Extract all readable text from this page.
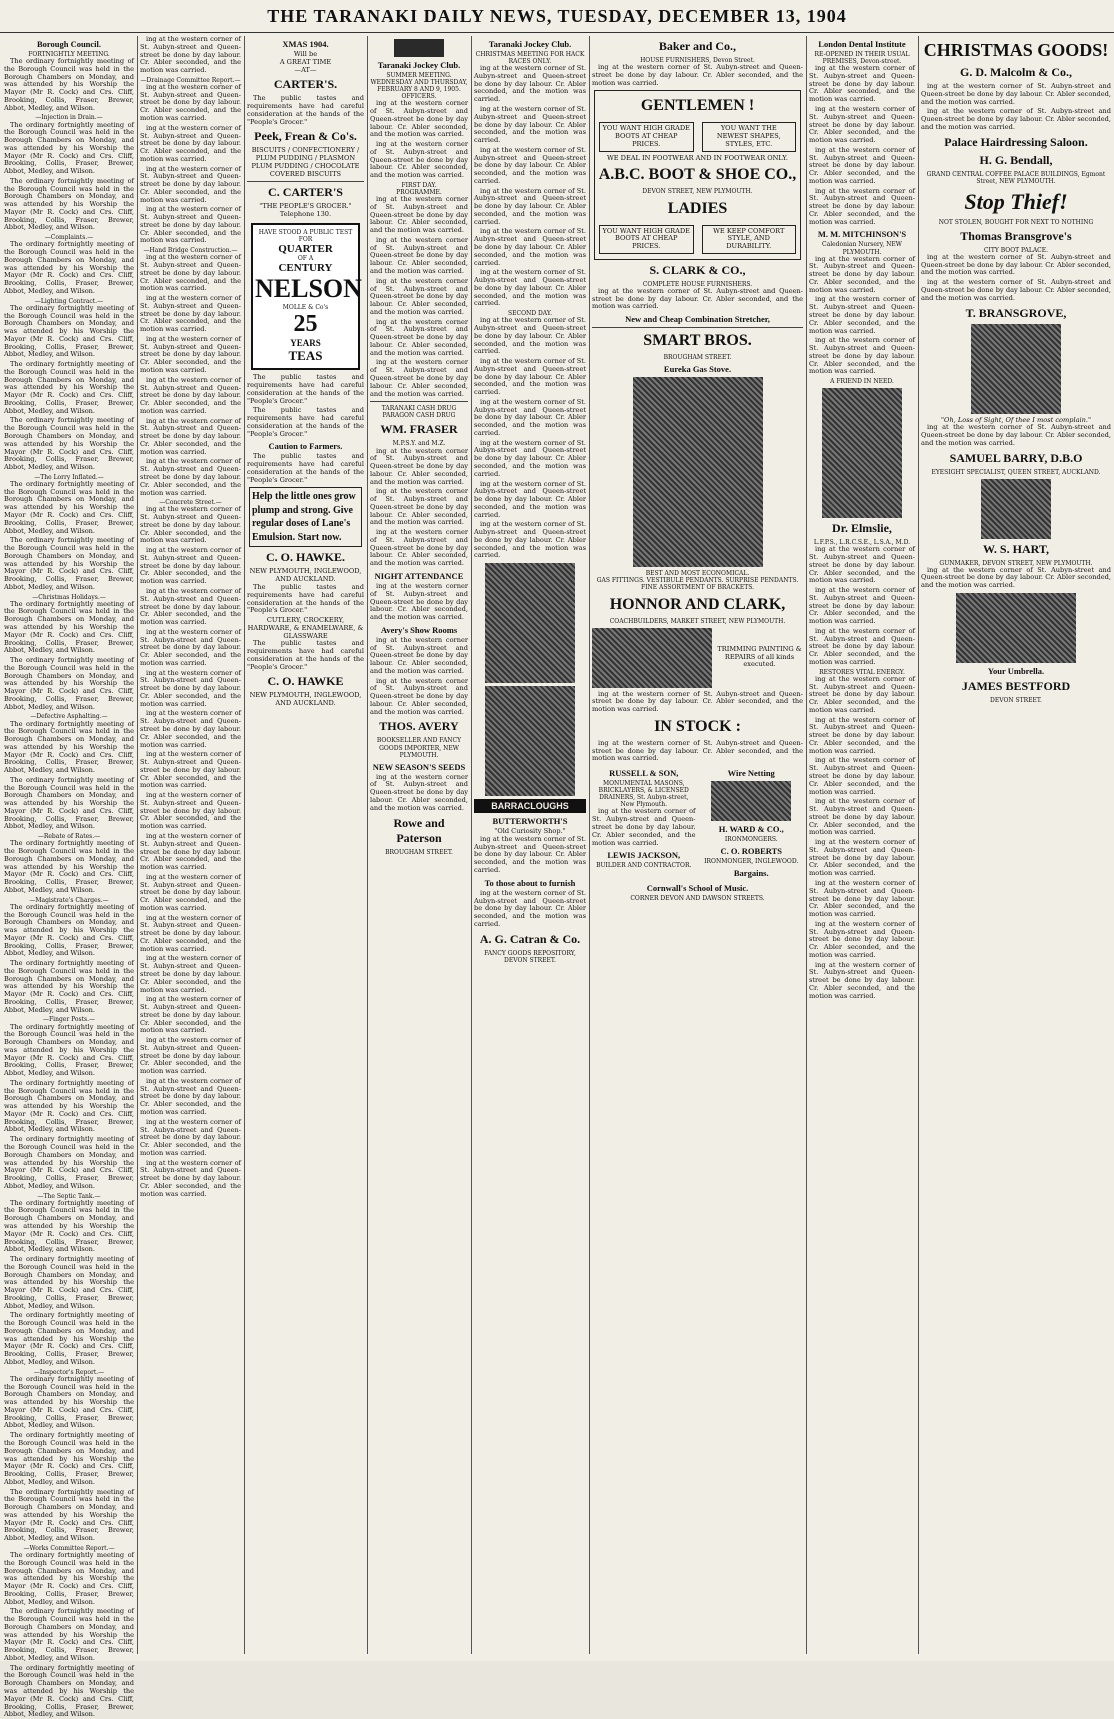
THE TARANAKI DAILY NEWS, TUESDAY, DECEMBER 13, 1904
Borough Council.
FORTNIGHTLY MEETING.

The ordinary fortnightly meeting of the Borough Council was held in the Borough Chambers on Monday, and was attended by his Worship the Mayor (Mr R. Cock) and Crs. Cliff, Brooking, Collis, Fraser, Brewer, Abbot, Medley, and Wilson.

—Injection in Drain.—

The ordinary fortnightly meeting of the Borough Council was held in the Borough Chambers on Monday, and was attended by his Worship the Mayor (Mr R. Cock) and Crs. Cliff, Brooking, Collis, Fraser, Brewer, Abbot, Medley, and Wilson.

The ordinary fortnightly meeting of the Borough Council was held in the Borough Chambers on Monday, and was attended by his Worship the Mayor (Mr R. Cock) and Crs. Cliff, Brooking, Collis, Fraser, Brewer, Abbot, Medley, and Wilson.

—Complaints.—

The ordinary fortnightly meeting of the Borough Council was held in the Borough Chambers on Monday, and was attended by his Worship the Mayor (Mr R. Cock) and Crs. Cliff, Brooking, Collis, Fraser, Brewer, Abbot, Medley, and Wilson.

—Lighting Contract.—

The ordinary fortnightly meeting of the Borough Council was held in the Borough Chambers on Monday, and was attended by his Worship the Mayor (Mr R. Cock) and Crs. Cliff, Brooking, Collis, Fraser, Brewer, Abbot, Medley, and Wilson.

The ordinary fortnightly meeting of the Borough Council was held in the Borough Chambers on Monday, and was attended by his Worship the Mayor (Mr R. Cock) and Crs. Cliff, Brooking, Collis, Fraser, Brewer, Abbot, Medley, and Wilson.

The ordinary fortnightly meeting of the Borough Council was held in the Borough Chambers on Monday, and was attended by his Worship the Mayor (Mr R. Cock) and Crs. Cliff, Brooking, Collis, Fraser, Brewer, Abbot, Medley, and Wilson.

—The Lorry Inflated.—

The ordinary fortnightly meeting of the Borough Council was held in the Borough Chambers on Monday, and was attended by his Worship the Mayor (Mr R. Cock) and Crs. Cliff, Brooking, Collis, Fraser, Brewer, Abbot, Medley, and Wilson.

The ordinary fortnightly meeting of the Borough Council was held in the Borough Chambers on Monday, and was attended by his Worship the Mayor (Mr R. Cock) and Crs. Cliff, Brooking, Collis, Fraser, Brewer, Abbot, Medley, and Wilson.

—Christmas Holidays.—

The ordinary fortnightly meeting of the Borough Council was held in the Borough Chambers on Monday, and was attended by his Worship the Mayor (Mr R. Cock) and Crs. Cliff, Brooking, Collis, Fraser, Brewer, Abbot, Medley, and Wilson.

The ordinary fortnightly meeting of the Borough Council was held in the Borough Chambers on Monday, and was attended by his Worship the Mayor (Mr R. Cock) and Crs. Cliff, Brooking, Collis, Fraser, Brewer, Abbot, Medley, and Wilson.

—Defective Asphalting.—

The ordinary fortnightly meeting of the Borough Council was held in the Borough Chambers on Monday, and was attended by his Worship the Mayor (Mr R. Cock) and Crs. Cliff, Brooking, Collis, Fraser, Brewer, Abbot, Medley, and Wilson.

The ordinary fortnightly meeting of the Borough Council was held in the Borough Chambers on Monday, and was attended by his Worship the Mayor (Mr R. Cock) and Crs. Cliff, Brooking, Collis, Fraser, Brewer, Abbot, Medley, and Wilson.

—Rebate of Rates.—

The ordinary fortnightly meeting of the Borough Council was held in the Borough Chambers on Monday, and was attended by his Worship the Mayor (Mr R. Cock) and Crs. Cliff, Brooking, Collis, Fraser, Brewer, Abbot, Medley, and Wilson.

—Magistrate's Charges.—

The ordinary fortnightly meeting of the Borough Council was held in the Borough Chambers on Monday, and was attended by his Worship the Mayor (Mr R. Cock) and Crs. Cliff, Brooking, Collis, Fraser, Brewer, Abbot, Medley, and Wilson.

The ordinary fortnightly meeting of the Borough Council was held in the Borough Chambers on Monday, and was attended by his Worship the Mayor (Mr R. Cock) and Crs. Cliff, Brooking, Collis, Fraser, Brewer, Abbot, Medley, and Wilson.

—Finger Posts.—

The ordinary fortnightly meeting of the Borough Council was held in the Borough Chambers on Monday, and was attended by his Worship the Mayor (Mr R. Cock) and Crs. Cliff, Brooking, Collis, Fraser, Brewer, Abbot, Medley, and Wilson.

The ordinary fortnightly meeting of the Borough Council was held in the Borough Chambers on Monday, and was attended by his Worship the Mayor (Mr R. Cock) and Crs. Cliff, Brooking, Collis, Fraser, Brewer, Abbot, Medley, and Wilson.

The ordinary fortnightly meeting of the Borough Council was held in the Borough Chambers on Monday, and was attended by his Worship the Mayor (Mr R. Cock) and Crs. Cliff, Brooking, Collis, Fraser, Brewer, Abbot, Medley, and Wilson.

—The Septic Tank.—

The ordinary fortnightly meeting of the Borough Council was held in the Borough Chambers on Monday, and was attended by his Worship the Mayor (Mr R. Cock) and Crs. Cliff, Brooking, Collis, Fraser, Brewer, Abbot, Medley, and Wilson.

The ordinary fortnightly meeting of the Borough Council was held in the Borough Chambers on Monday, and was attended by his Worship the Mayor (Mr R. Cock) and Crs. Cliff, Brooking, Collis, Fraser, Brewer, Abbot, Medley, and Wilson.

The ordinary fortnightly meeting of the Borough Council was held in the Borough Chambers on Monday, and was attended by his Worship the Mayor (Mr R. Cock) and Crs. Cliff, Brooking, Collis, Fraser, Brewer, Abbot, Medley, and Wilson.

—Inspector's Report.—

The ordinary fortnightly meeting of the Borough Council was held in the Borough Chambers on Monday, and was attended by his Worship the Mayor (Mr R. Cock) and Crs. Cliff, Brooking, Collis, Fraser, Brewer, Abbot, Medley, and Wilson.

The ordinary fortnightly meeting of the Borough Council was held in the Borough Chambers on Monday, and was attended by his Worship the Mayor (Mr R. Cock) and Crs. Cliff, Brooking, Collis, Fraser, Brewer, Abbot, Medley, and Wilson.

The ordinary fortnightly meeting of the Borough Council was held in the Borough Chambers on Monday, and was attended by his Worship the Mayor (Mr R. Cock) and Crs. Cliff, Brooking, Collis, Fraser, Brewer, Abbot, Medley, and Wilson.

—Works Committee Report.—

The ordinary fortnightly meeting of the Borough Council was held in the Borough Chambers on Monday, and was attended by his Worship the Mayor (Mr R. Cock) and Crs. Cliff, Brooking, Collis, Fraser, Brewer, Abbot, Medley, and Wilson.

The ordinary fortnightly meeting of the Borough Council was held in the Borough Chambers on Monday, and was attended by his Worship the Mayor (Mr R. Cock) and Crs. Cliff, Brooking, Collis, Fraser, Brewer, Abbot, Medley, and Wilson.

The ordinary fortnightly meeting of the Borough Council was held in the Borough Chambers on Monday, and was attended by his Worship the Mayor (Mr R. Cock) and Crs. Cliff, Brooking, Collis, Fraser, Brewer, Abbot, Medley, and Wilson.

ing at the western corner of St. Aubyn-street and Queen-street be done by day labour. Cr. Abler seconded, and the motion was carried.

—Drainage Committee Report.—

ing at the western corner of St. Aubyn-street and Queen-street be done by day labour. Cr. Abler seconded, and the motion was carried.

ing at the western corner of St. Aubyn-street and Queen-street be done by day labour. Cr. Abler seconded, and the motion was carried.

ing at the western corner of St. Aubyn-street and Queen-street be done by day labour. Cr. Abler seconded, and the motion was carried.

ing at the western corner of St. Aubyn-street and Queen-street be done by day labour. Cr. Abler seconded, and the motion was carried.

—Hand Bridge Construction.—

ing at the western corner of St. Aubyn-street and Queen-street be done by day labour. Cr. Abler seconded, and the motion was carried.

ing at the western corner of St. Aubyn-street and Queen-street be done by day labour. Cr. Abler seconded, and the motion was carried.

ing at the western corner of St. Aubyn-street and Queen-street be done by day labour. Cr. Abler seconded, and the motion was carried.

ing at the western corner of St. Aubyn-street and Queen-street be done by day labour. Cr. Abler seconded, and the motion was carried.

ing at the western corner of St. Aubyn-street and Queen-street be done by day labour. Cr. Abler seconded, and the motion was carried.

ing at the western corner of St. Aubyn-street and Queen-street be done by day labour. Cr. Abler seconded, and the motion was carried.

—Concrete Street.—

ing at the western corner of St. Aubyn-street and Queen-street be done by day labour. Cr. Abler seconded, and the motion was carried.

ing at the western corner of St. Aubyn-street and Queen-street be done by day labour. Cr. Abler seconded, and the motion was carried.

ing at the western corner of St. Aubyn-street and Queen-street be done by day labour. Cr. Abler seconded, and the motion was carried.

ing at the western corner of St. Aubyn-street and Queen-street be done by day labour. Cr. Abler seconded, and the motion was carried.

ing at the western corner of St. Aubyn-street and Queen-street be done by day labour. Cr. Abler seconded, and the motion was carried.

ing at the western corner of St. Aubyn-street and Queen-street be done by day labour. Cr. Abler seconded, and the motion was carried.

ing at the western corner of St. Aubyn-street and Queen-street be done by day labour. Cr. Abler seconded, and the motion was carried.

ing at the western corner of St. Aubyn-street and Queen-street be done by day labour. Cr. Abler seconded, and the motion was carried.

ing at the western corner of St. Aubyn-street and Queen-street be done by day labour. Cr. Abler seconded, and the motion was carried.

ing at the western corner of St. Aubyn-street and Queen-street be done by day labour. Cr. Abler seconded, and the motion was carried.

ing at the western corner of St. Aubyn-street and Queen-street be done by day labour. Cr. Abler seconded, and the motion was carried.

ing at the western corner of St. Aubyn-street and Queen-street be done by day labour. Cr. Abler seconded, and the motion was carried.

ing at the western corner of St. Aubyn-street and Queen-street be done by day labour. Cr. Abler seconded, and the motion was carried.

ing at the western corner of St. Aubyn-street and Queen-street be done by day labour. Cr. Abler seconded, and the motion was carried.

ing at the western corner of St. Aubyn-street and Queen-street be done by day labour. Cr. Abler seconded, and the motion was carried.

ing at the western corner of St. Aubyn-street and Queen-street be done by day labour. Cr. Abler seconded, and the motion was carried.

ing at the western corner of St. Aubyn-street and Queen-street be done by day labour. Cr. Abler seconded, and the motion was carried.

XMAS 1904.
Will be
A GREAT TIME
—AT—
CARTER'S.

The public tastes and requirements have had careful consideration at the hands of the "People's Grocer."

Peek, Frean & Co's.
BISCUITS / CONFECTIONERY / PLUM PUDDING / PLASMON PLUM PUDDING / CHOCOLATE COVERED BISCUITS
C. CARTER'S
"THE PEOPLE'S GROCER."
Telephone 130.
HAVE STOOD A PUBLIC TEST FOR
QUARTER
OF A
CENTURY
NELSON
MOLLE & Co's
25
YEARS
TEAS

The public tastes and requirements have had careful consideration at the hands of the "People's Grocer."

The public tastes and requirements have had careful consideration at the hands of the "People's Grocer."

Caution to Farmers.

The public tastes and requirements have had careful consideration at the hands of the "People's Grocer."

Help the little ones grow plump and strong. Give regular doses of Lane's Emulsion. Start now.
C. O. HAWKE.
NEW PLYMOUTH, INGLEWOOD, AND AUCKLAND.

The public tastes and requirements have had careful consideration at the hands of the "People's Grocer."

CUTLERY, CROCKERY, HARDWARE, & ENAMELWARE, & GLASSWARE

The public tastes and requirements have had careful consideration at the hands of the "People's Grocer."

C. O. HAWKE
NEW PLYMOUTH, INGLEWOOD, AND AUCKLAND.
Taranaki Jockey Club.
SUMMER MEETING.
WEDNESDAY AND THURSDAY, FEBRUARY 8 AND 9, 1905.
OFFICERS.

ing at the western corner of St. Aubyn-street and Queen-street be done by day labour. Cr. Abler seconded, and the motion was carried.

ing at the western corner of St. Aubyn-street and Queen-street be done by day labour. Cr. Abler seconded, and the motion was carried.

FIRST DAY.
PROGRAMME.

ing at the western corner of St. Aubyn-street and Queen-street be done by day labour. Cr. Abler seconded, and the motion was carried.

ing at the western corner of St. Aubyn-street and Queen-street be done by day labour. Cr. Abler seconded, and the motion was carried.

ing at the western corner of St. Aubyn-street and Queen-street be done by day labour. Cr. Abler seconded, and the motion was carried.

ing at the western corner of St. Aubyn-street and Queen-street be done by day labour. Cr. Abler seconded, and the motion was carried.

ing at the western corner of St. Aubyn-street and Queen-street be done by day labour. Cr. Abler seconded, and the motion was carried.

TARANAKI CASH DRUG PARAGON CASH DRUG
WM. FRASER
M.P.S.Y. and M.Z.

ing at the western corner of St. Aubyn-street and Queen-street be done by day labour. Cr. Abler seconded, and the motion was carried.

ing at the western corner of St. Aubyn-street and Queen-street be done by day labour. Cr. Abler seconded, and the motion was carried.

ing at the western corner of St. Aubyn-street and Queen-street be done by day labour. Cr. Abler seconded, and the motion was carried.

NIGHT ATTENDANCE

ing at the western corner of St. Aubyn-street and Queen-street be done by day labour. Cr. Abler seconded, and the motion was carried.

Avery's Show Rooms

ing at the western corner of St. Aubyn-street and Queen-street be done by day labour. Cr. Abler seconded, and the motion was carried.

ing at the western corner of St. Aubyn-street and Queen-street be done by day labour. Cr. Abler seconded, and the motion was carried.

THOS. AVERY
BOOKSELLER AND FANCY GOODS IMPORTER, NEW PLYMOUTH.
NEW SEASON'S SEEDS

ing at the western corner of St. Aubyn-street and Queen-street be done by day labour. Cr. Abler seconded, and the motion was carried.

Rowe and Paterson
BROUGHAM STREET.
Taranaki Jockey Club.
CHRISTMAS MEETING FOR HACK RACES ONLY.

ing at the western corner of St. Aubyn-street and Queen-street be done by day labour. Cr. Abler seconded, and the motion was carried.

ing at the western corner of St. Aubyn-street and Queen-street be done by day labour. Cr. Abler seconded, and the motion was carried.

ing at the western corner of St. Aubyn-street and Queen-street be done by day labour. Cr. Abler seconded, and the motion was carried.

ing at the western corner of St. Aubyn-street and Queen-street be done by day labour. Cr. Abler seconded, and the motion was carried.

ing at the western corner of St. Aubyn-street and Queen-street be done by day labour. Cr. Abler seconded, and the motion was carried.

ing at the western corner of St. Aubyn-street and Queen-street be done by day labour. Cr. Abler seconded, and the motion was carried.

SECOND DAY.

ing at the western corner of St. Aubyn-street and Queen-street be done by day labour. Cr. Abler seconded, and the motion was carried.

ing at the western corner of St. Aubyn-street and Queen-street be done by day labour. Cr. Abler seconded, and the motion was carried.

ing at the western corner of St. Aubyn-street and Queen-street be done by day labour. Cr. Abler seconded, and the motion was carried.

ing at the western corner of St. Aubyn-street and Queen-street be done by day labour. Cr. Abler seconded, and the motion was carried.

ing at the western corner of St. Aubyn-street and Queen-street be done by day labour. Cr. Abler seconded, and the motion was carried.

ing at the western corner of St. Aubyn-street and Queen-street be done by day labour. Cr. Abler seconded, and the motion was carried.

BARRACLOUGHS
BUTTERWORTH'S
"Old Curiosity Shop."

ing at the western corner of St. Aubyn-street and Queen-street be done by day labour. Cr. Abler seconded, and the motion was carried.

To those about to furnish

ing at the western corner of St. Aubyn-street and Queen-street be done by day labour. Cr. Abler seconded, and the motion was carried.

A. G. Catran & Co.
FANCY GOODS REPOSITORY, DEVON STREET.
Baker and Co.,
HOUSE FURNISHERS, Devon Street.

ing at the western corner of St. Aubyn-street and Queen-street be done by day labour. Cr. Abler seconded, and the motion was carried.

GENTLEMEN !
YOU WANT HIGH GRADE BOOTS AT CHEAP PRICES.
YOU WANT THE NEWEST SHAPES, STYLES, ETC.
WE DEAL IN FOOTWEAR AND IN FOOTWEAR ONLY.
A.B.C. BOOT & SHOE CO.,
DEVON STREET, NEW PLYMOUTH.
LADIES
YOU WANT HIGH GRADE BOOTS AT CHEAP PRICES.
WE KEEP COMFORT STYLE, AND DURABILITY.
S. CLARK & CO.,
COMPLETE HOUSE FURNISHERS.

ing at the western corner of St. Aubyn-street and Queen-street be done by day labour. Cr. Abler seconded, and the motion was carried.

New and Cheap Combination Stretcher,
SMART BROS.
BROUGHAM STREET.
Eureka Gas Stove.
BEST AND MOST ECONOMICAL.
GAS FITTINGS. VESTIBULE PENDANTS. SURPRISE PENDANTS.
FINE ASSORTMENT OF BRACKETS.
HONNOR AND CLARK,
COACHBUILDERS, MARKET STREET, NEW PLYMOUTH.
TRIMMING PAINTING & REPAIRS of all kinds executed.

ing at the western corner of St. Aubyn-street and Queen-street be done by day labour. Cr. Abler seconded, and the motion was carried.

IN STOCK :

ing at the western corner of St. Aubyn-street and Queen-street be done by day labour. Cr. Abler seconded, and the motion was carried.

RUSSELL & SON,
MONUMENTAL MASONS, BRICKLAYERS, & LICENSED DRAINERS, St. Aubyn-street, New Plymouth.

ing at the western corner of St. Aubyn-street and Queen-street be done by day labour. Cr. Abler seconded, and the motion was carried.

LEWIS JACKSON,
BUILDER AND CONTRACTOR.
Wire Netting
H. WARD & CO.,
IRONMONGERS.
C. O. ROBERTS
IRONMONGER, INGLEWOOD.
Bargains.
Cornwall's School of Music.
CORNER DEVON AND DAWSON STREETS.
London Dental Institute
RE-OPENED IN THEIR USUAL PREMISES, Devon-street.

ing at the western corner of St. Aubyn-street and Queen-street be done by day labour. Cr. Abler seconded, and the motion was carried.

ing at the western corner of St. Aubyn-street and Queen-street be done by day labour. Cr. Abler seconded, and the motion was carried.

ing at the western corner of St. Aubyn-street and Queen-street be done by day labour. Cr. Abler seconded, and the motion was carried.

ing at the western corner of St. Aubyn-street and Queen-street be done by day labour. Cr. Abler seconded, and the motion was carried.

M. M. MITCHINSON'S
Caledonian Nursery, NEW PLYMOUTH.

ing at the western corner of St. Aubyn-street and Queen-street be done by day labour. Cr. Abler seconded, and the motion was carried.

ing at the western corner of St. Aubyn-street and Queen-street be done by day labour. Cr. Abler seconded, and the motion was carried.

ing at the western corner of St. Aubyn-street and Queen-street be done by day labour. Cr. Abler seconded, and the motion was carried.

A FRIEND IN NEED.
Dr. Elmslie,
L.F.P.S., L.R.C.S.E., L.S.A., M.D.

ing at the western corner of St. Aubyn-street and Queen-street be done by day labour. Cr. Abler seconded, and the motion was carried.

ing at the western corner of St. Aubyn-street and Queen-street be done by day labour. Cr. Abler seconded, and the motion was carried.

ing at the western corner of St. Aubyn-street and Queen-street be done by day labour. Cr. Abler seconded, and the motion was carried.

RESTORES VITAL ENERGY.

ing at the western corner of St. Aubyn-street and Queen-street be done by day labour. Cr. Abler seconded, and the motion was carried.

ing at the western corner of St. Aubyn-street and Queen-street be done by day labour. Cr. Abler seconded, and the motion was carried.

ing at the western corner of St. Aubyn-street and Queen-street be done by day labour. Cr. Abler seconded, and the motion was carried.

ing at the western corner of St. Aubyn-street and Queen-street be done by day labour. Cr. Abler seconded, and the motion was carried.

ing at the western corner of St. Aubyn-street and Queen-street be done by day labour. Cr. Abler seconded, and the motion was carried.

ing at the western corner of St. Aubyn-street and Queen-street be done by day labour. Cr. Abler seconded, and the motion was carried.

ing at the western corner of St. Aubyn-street and Queen-street be done by day labour. Cr. Abler seconded, and the motion was carried.

ing at the western corner of St. Aubyn-street and Queen-street be done by day labour. Cr. Abler seconded, and the motion was carried.

CHRISTMAS GOODS!
G. D. Malcolm & Co.,

ing at the western corner of St. Aubyn-street and Queen-street be done by day labour. Cr. Abler seconded, and the motion was carried.

ing at the western corner of St. Aubyn-street and Queen-street be done by day labour. Cr. Abler seconded, and the motion was carried.

Palace Hairdressing Saloon.
H. G. Bendall,
GRAND CENTRAL COFFEE PALACE BUILDINGS, Egmont Street, NEW PLYMOUTH.
Stop Thief!
NOT STOLEN, BOUGHT FOR NEXT TO NOTHING
Thomas Bransgrove's
CITY BOOT PALACE.

ing at the western corner of St. Aubyn-street and Queen-street be done by day labour. Cr. Abler seconded, and the motion was carried.

ing at the western corner of St. Aubyn-street and Queen-street be done by day labour. Cr. Abler seconded, and the motion was carried.

T. BRANSGROVE,
"Oh, Loss of Sight, Of thee I most complain."

ing at the western corner of St. Aubyn-street and Queen-street be done by day labour. Cr. Abler seconded, and the motion was carried.

SAMUEL BARRY, D.B.O
EYESIGHT SPECIALIST, QUEEN STREET, AUCKLAND.
W. S. HART,
GUNMAKER, DEVON STREET, NEW PLYMOUTH.

ing at the western corner of St. Aubyn-street and Queen-street be done by day labour. Cr. Abler seconded, and the motion was carried.

Your Umbrella.
JAMES BESTFORD
DEVON STREET.
